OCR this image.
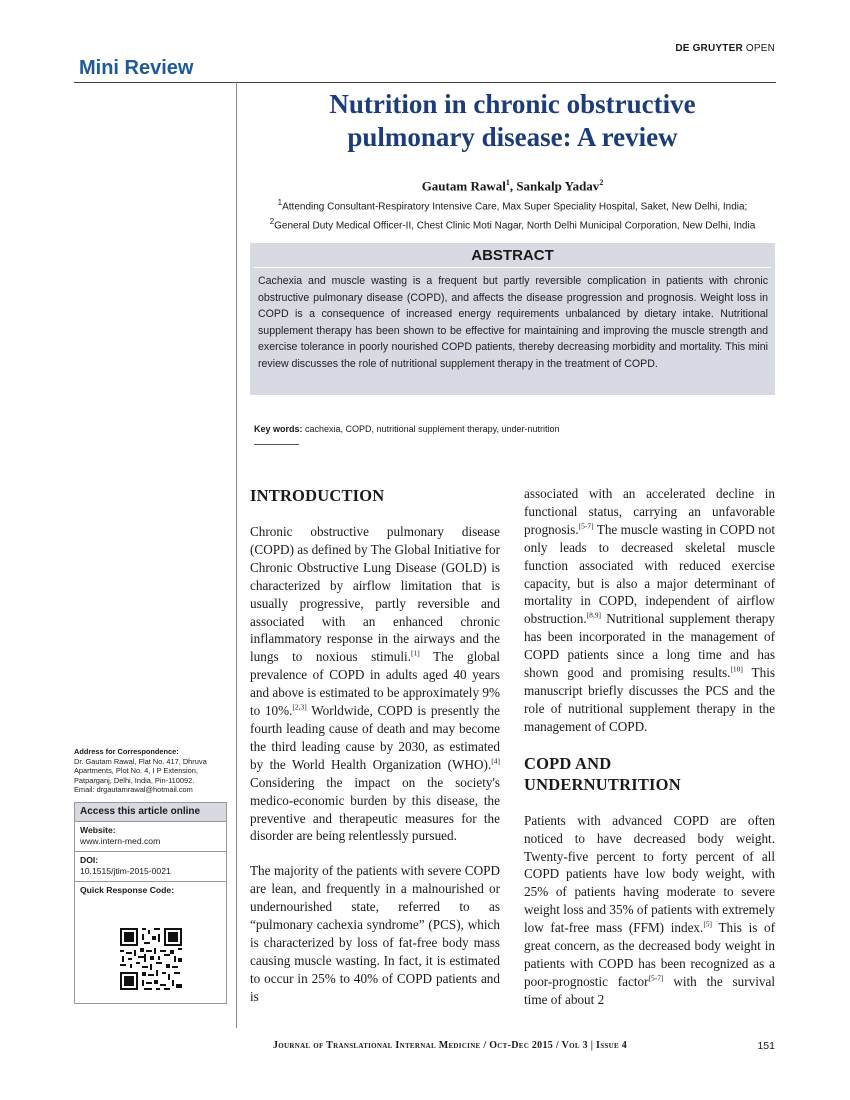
DE GRUYTER OPEN
Mini Review
Nutrition in chronic obstructive
pulmonary disease: A review
Gautam Rawal$^1$, Sankalp Yadav$^2$
$^1$Attending Consultant-Respiratory Intensive Care, Max Super Speciality Hospital, Saket, New Delhi, India;
$^2$General Duty Medical Officer-II, Chest Clinic Moti Nagar, North Delhi Municipal Corporation, New Delhi, India
ABSTRACT
Cachexia and muscle wasting is a frequent but partly reversible complication in patients with chronic obstructive pulmonary disease (COPD), and affects the disease progression and prognosis. Weight loss in COPD is a consequence of increased energy requirements unbalanced by dietary intake. Nutritional supplement therapy has been shown to be effective for maintaining and improving the muscle strength and exercise tolerance in poorly nourished COPD patients, thereby decreasing morbidity and mortality. This mini review discusses the role of nutritional supplement therapy in the treatment of COPD.
Key words: cachexia, COPD, nutritional supplement therapy, under-nutrition
INTRODUCTION

Chronic obstructive pulmonary disease (COPD) as defined by The Global Initiative for Chronic Obstructive Lung Disease (GOLD) is characterized by airflow limitation that is usually progressive, partly reversible and associated with an enhanced chronic inflammatory response in the airways and the lungs to noxious stimuli.[1] The global prevalence of COPD in adults aged 40 years and above is estimated to be approximately 9% to 10%.[2,3] Worldwide, COPD is presently the fourth leading cause of death and may become the third leading cause by 2030, as estimated by the World Health Organization (WHO).[4] Considering the impact on the society's medico-economic burden by this disease, the preventive and therapeutic measures for the disorder are being relentlessly pursued.

The majority of the patients with severe COPD are lean, and frequently in a malnourished or undernourished state, referred to as “pulmonary cachexia syndrome” (PCS), which is characterized by loss of fat-free body mass causing muscle wasting. In fact, it is estimated to occur in 25% to 40% of COPD patients and is

associated with an accelerated decline in functional status, carrying an unfavorable prognosis.[5-7] The muscle wasting in COPD not only leads to decreased skeletal muscle function associated with reduced exercise capacity, but is also a major determinant of mortality in COPD, independent of airflow obstruction.[8,9] Nutritional supplement therapy has been incorporated in the management of COPD patients since a long time and has shown good and promising results.[10] This manuscript briefly discusses the PCS and the role of nutritional supplement therapy in the management of COPD.

COPD AND
UNDERNUTRITION

Patients with advanced COPD are often noticed to have decreased body weight. Twenty-five percent to forty percent of all COPD patients have low body weight, with 25% of patients having moderate to severe weight loss and 35% of patients with extremely low fat-free mass (FFM) index.[5] This is of great concern, as the decreased body weight in patients with COPD has been recognized as a poor-prognostic factor[5-7] with the survival time of about 2

Address for Correspondence:
Dr. Gautam Rawal, Flat No. 417, Dhruva
Apartments, Plot No. 4, I P Extension,
Patparganj, Delhi, India, Pin-110092.
Email: drgautamrawal@hotmail.com
Access this article online
Website:
www.intern-med.com
DOI:
10.1515/jtim-2015-0021
Quick Response Code:
Journal of Translational Internal Medicine / Oct-Dec 2015 / Vol 3 | Issue 4	151
